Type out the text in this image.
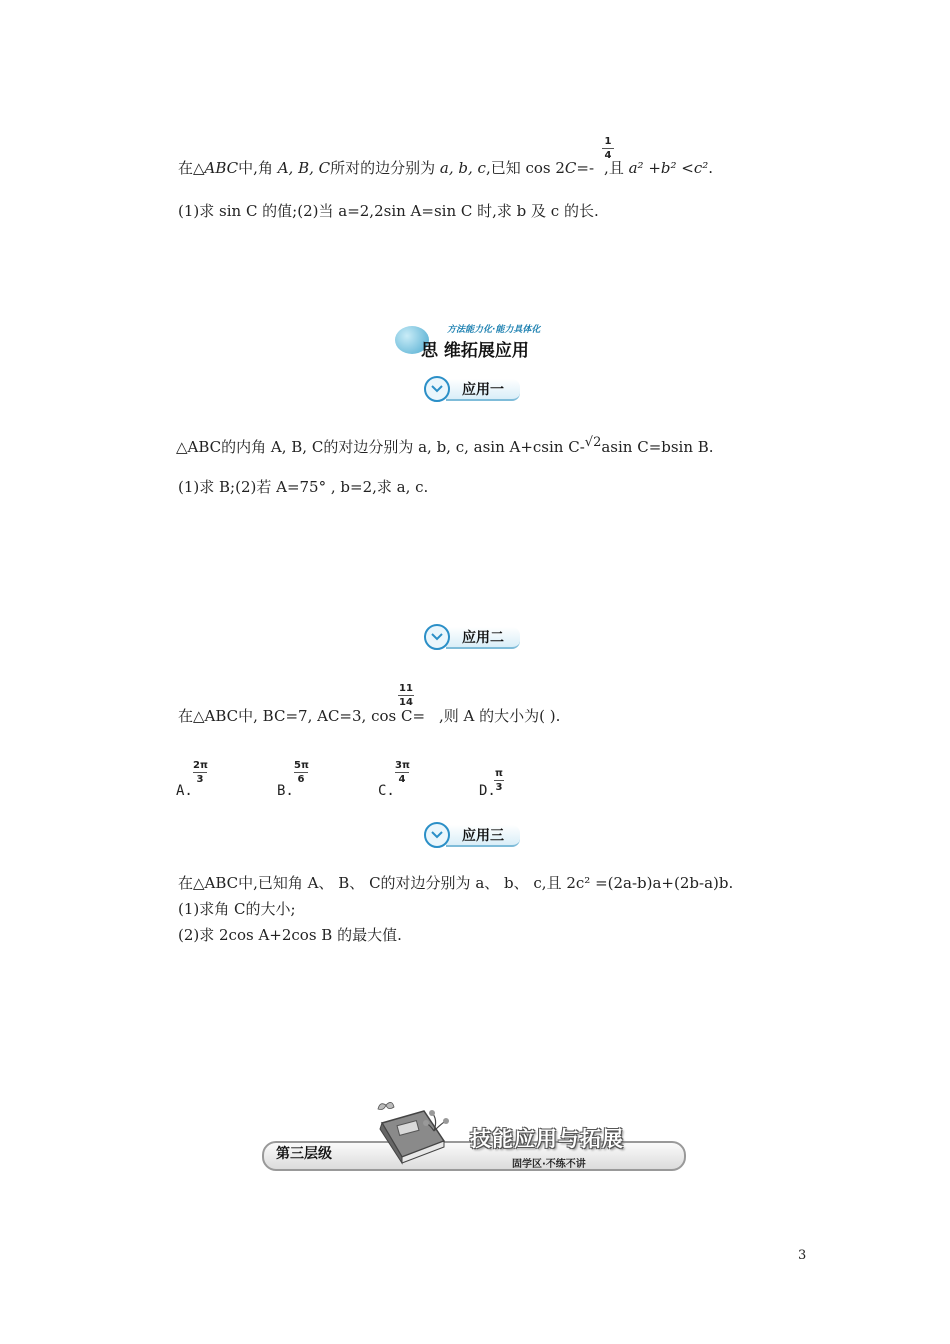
在△ABC中,角 A, B, C所对的边分别为 a, b, c,已知 cos 2C=- ,且 a² +b² <c².
1
4
(1)求 sin C 的值;(2)当 a=2,2sin A=sin C 时,求 b 及 c 的长.
方法能力化·能力具体化
思 维拓展应用
应用一
△ABC的内角 A, B, C的对边分别为 a, b, c, asin A+csin C-$^{√2}$asin C=bsin B.
(1)求 B;(2)若 A=75° , b=2,求 a, c.
应用二
在△ABC中, BC=7, AC=3, cos C= ,则 A 的大小为( ).
11
14
A.
2π
3
B.
5π
6
C.
3π
4
D.
π
3
应用三
在△ABC中,已知角 A、 B、 C的对边分别为 a、 b、 c,且 2c² =(2a-b)a+(2b-a)b.
(1)求角 C的大小;
(2)求 2cos A+2cos B 的最大值.
第三层级
技能应用与拓展
固学区·不练不讲
3
